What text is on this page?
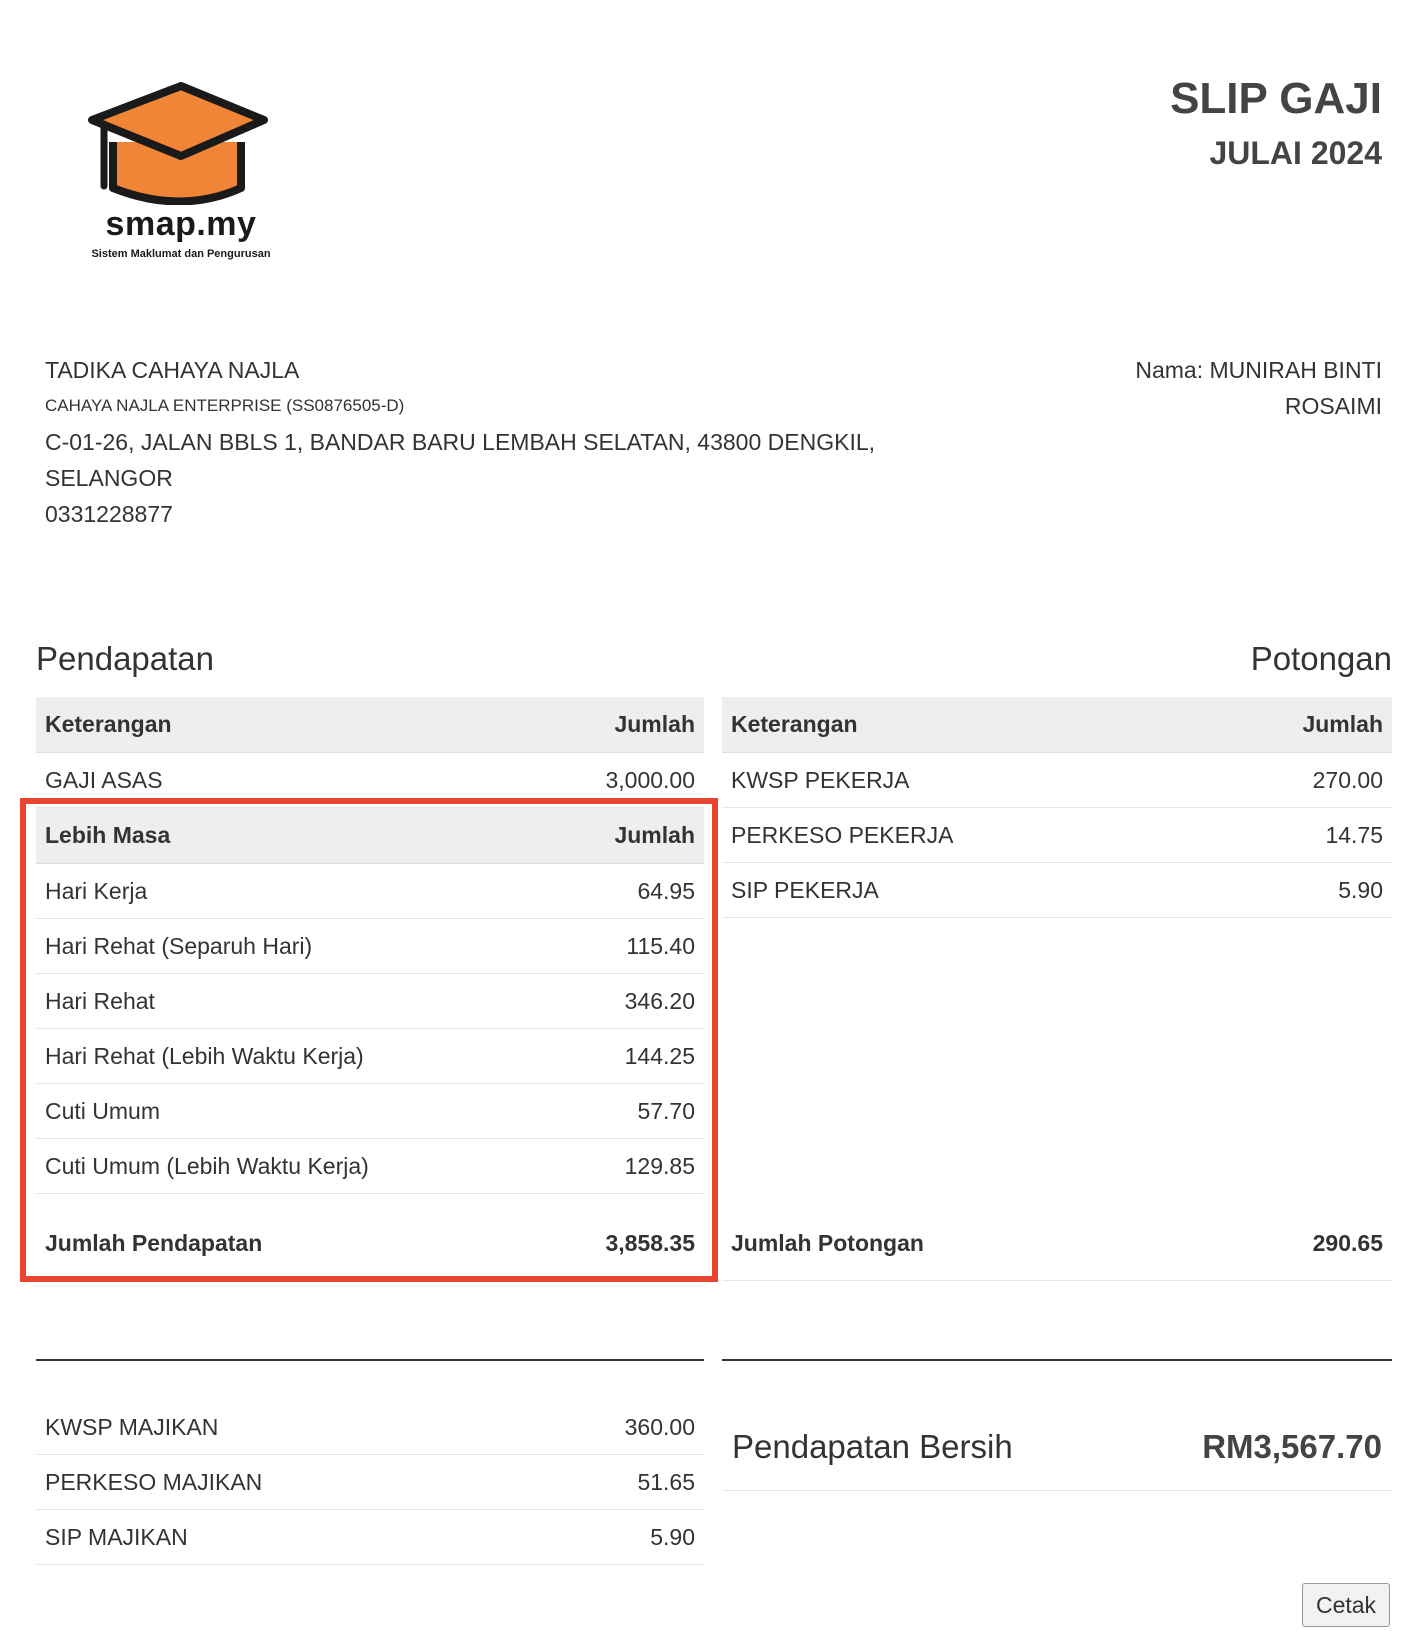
smap.my
Sistem Maklumat dan Pengurusan
SLIP GAJI
JULAI 2024
TADIKA CAHAYA NAJLA
CAHAYA NAJLA ENTERPRISE (SS0876505-D)
C-01-26, JALAN BBLS 1, BANDAR BARU LEMBAH SELATAN, 43800 DENGKIL, SELANGOR
0331228877
Nama: MUNIRAH BINTI ROSAIMI
Pendapatan	Potongan
Keterangan	Jumlah
GAJI ASAS	3,000.00
Lebih Masa	Jumlah
Hari Kerja	64.95
Hari Rehat (Separuh Hari)	115.40
Hari Rehat	346.20
Hari Rehat (Lebih Waktu Kerja)	144.25
Cuti Umum	57.70
Cuti Umum (Lebih Waktu Kerja)	129.85
Jumlah Pendapatan	3,858.35
Keterangan	Jumlah
KWSP PEKERJA	270.00
PERKESO PEKERJA	14.75
SIP PEKERJA	5.90

Jumlah Potongan	290.65
KWSP MAJIKAN	360.00
PERKESO MAJIKAN	51.65
SIP MAJIKAN	5.90
Pendapatan Bersih	RM3,567.70
Cetak
